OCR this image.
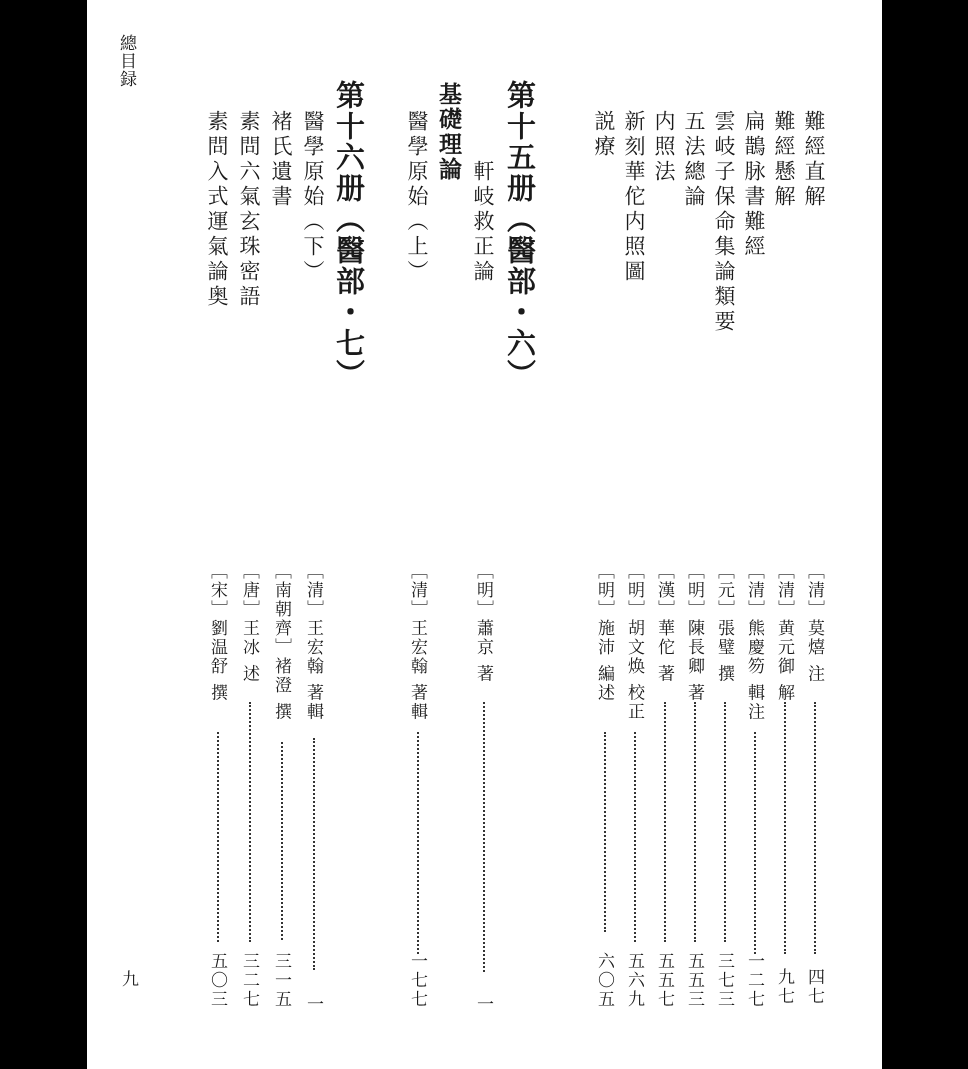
總目録
九
第十五册（醫部・六）
第十六册（醫部・七）	基礎理論	難經直解
［清］莫熺 注
四七
難經懸解
［清］黄元御 解
九七
扁鵲脉書難經
［清］熊慶笏 輯注
一二七
雲岐子保命集論類要
［元］張璧 撰
三七三
五法總論
［明］陳長卿 著
五五三
内照法
［漢］華佗 著
五五七
新刻華佗内照圖
［明］胡文焕 校正
五六九
説療
［明］施沛 編述
六〇五
軒岐救正論
［明］蕭京 著
一
醫學原始（上）
［清］王宏翰 著輯
一七七
醫學原始（下）
［清］王宏翰 著輯
一
褚氏遺書
［南朝齊］褚澄 撰
三一五
素問六氣玄珠密語
［唐］王冰 述
三二七
素問入式運氣論奥
［宋］劉温舒 撰
五〇三
